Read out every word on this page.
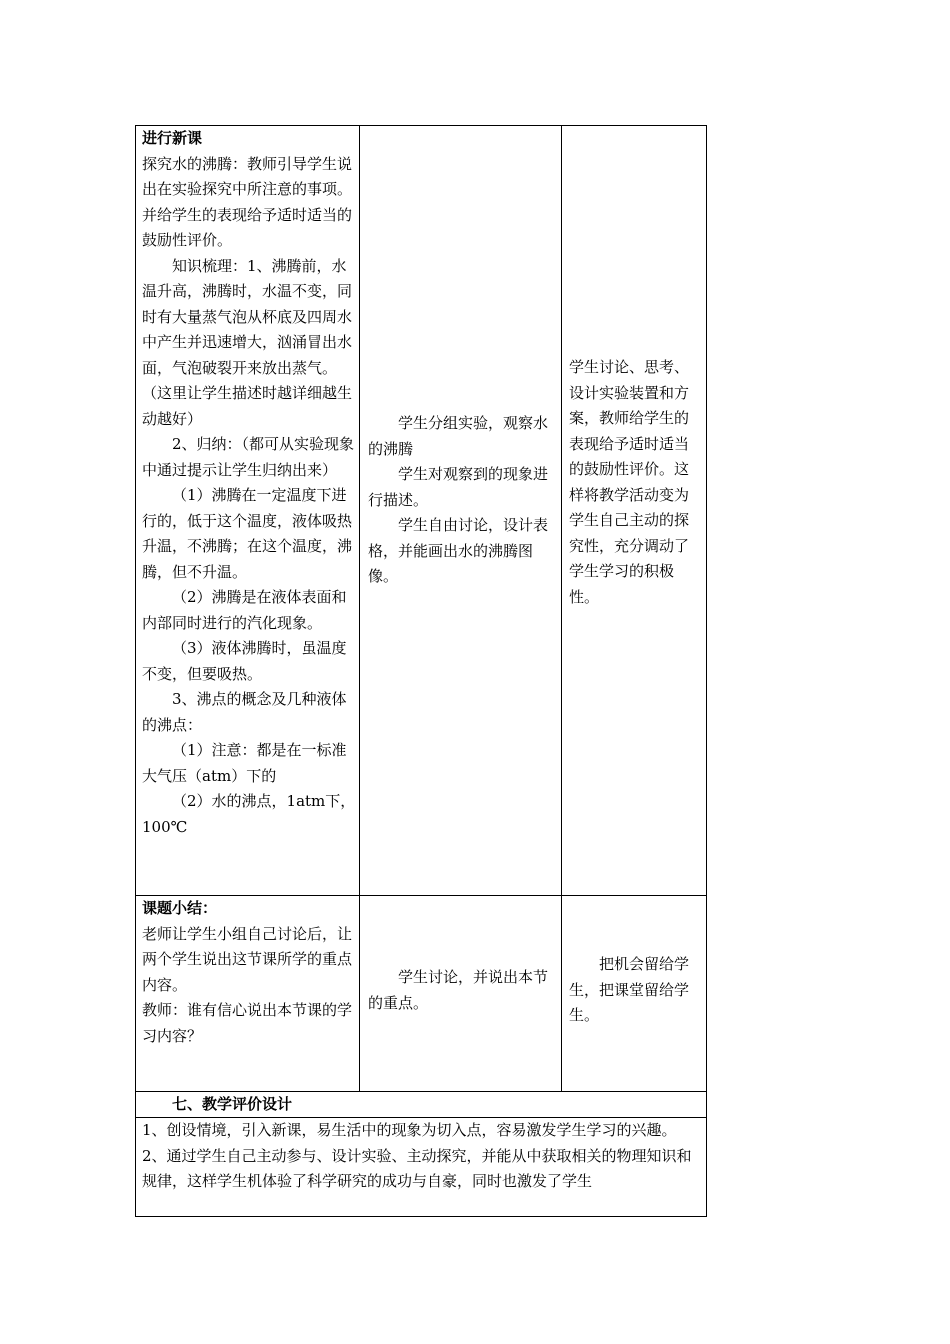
进行新课

探究水的沸腾：教师引导学生说出在实验探究中所注意的事项。并给学生的表现给予适时适当的鼓励性评价。

知识梳理：1、沸腾前，水温升高，沸腾时，水温不变，同时有大量蒸气泡从杯底及四周水中产生并迅速增大，汹涌冒出水面，气泡破裂开来放出蒸气。（这里让学生描述时越详细越生动越好）

2、归纳：（都可从实验现象中通过提示让学生归纳出来）

（1）沸腾在一定温度下进行的，低于这个温度，液体吸热升温，不沸腾；在这个温度，沸腾，但不升温。

（2）沸腾是在液体表面和内部同时进行的汽化现象。

（3）液体沸腾时，虽温度不变，但要吸热。

3、沸点的概念及几种液体的沸点：

（1）注意：都是在一标准大气压（atm）下的

（2）水的沸点，1atm下，100℃

学生分组实验，观察水的沸腾

学生对观察到的现象进行描述。

学生自由讨论，设计表格，并能画出水的沸腾图像。

学生讨论、思考、设计实验装置和方案，教师给学生的表现给予适时适当的鼓励性评价。这样将教学活动变为学生自己主动的探究性，充分调动了学生学习的积极性。

课题小结：

老师让学生小组自己讨论后，让两个学生说出这节课所学的重点内容。

教师：谁有信心说出本节课的学习内容？

学生讨论，并说出本节的重点。

把机会留给学生，把课堂留给学生。

七、教学评价设计

1、创设情境，引入新课，易生活中的现象为切入点，容易激发学生学习的兴趣。

2、通过学生自己主动参与、设计实验、主动探究，并能从中获取相关的物理知识和规律，这样学生机体验了科学研究的成功与自豪，同时也激发了学生
